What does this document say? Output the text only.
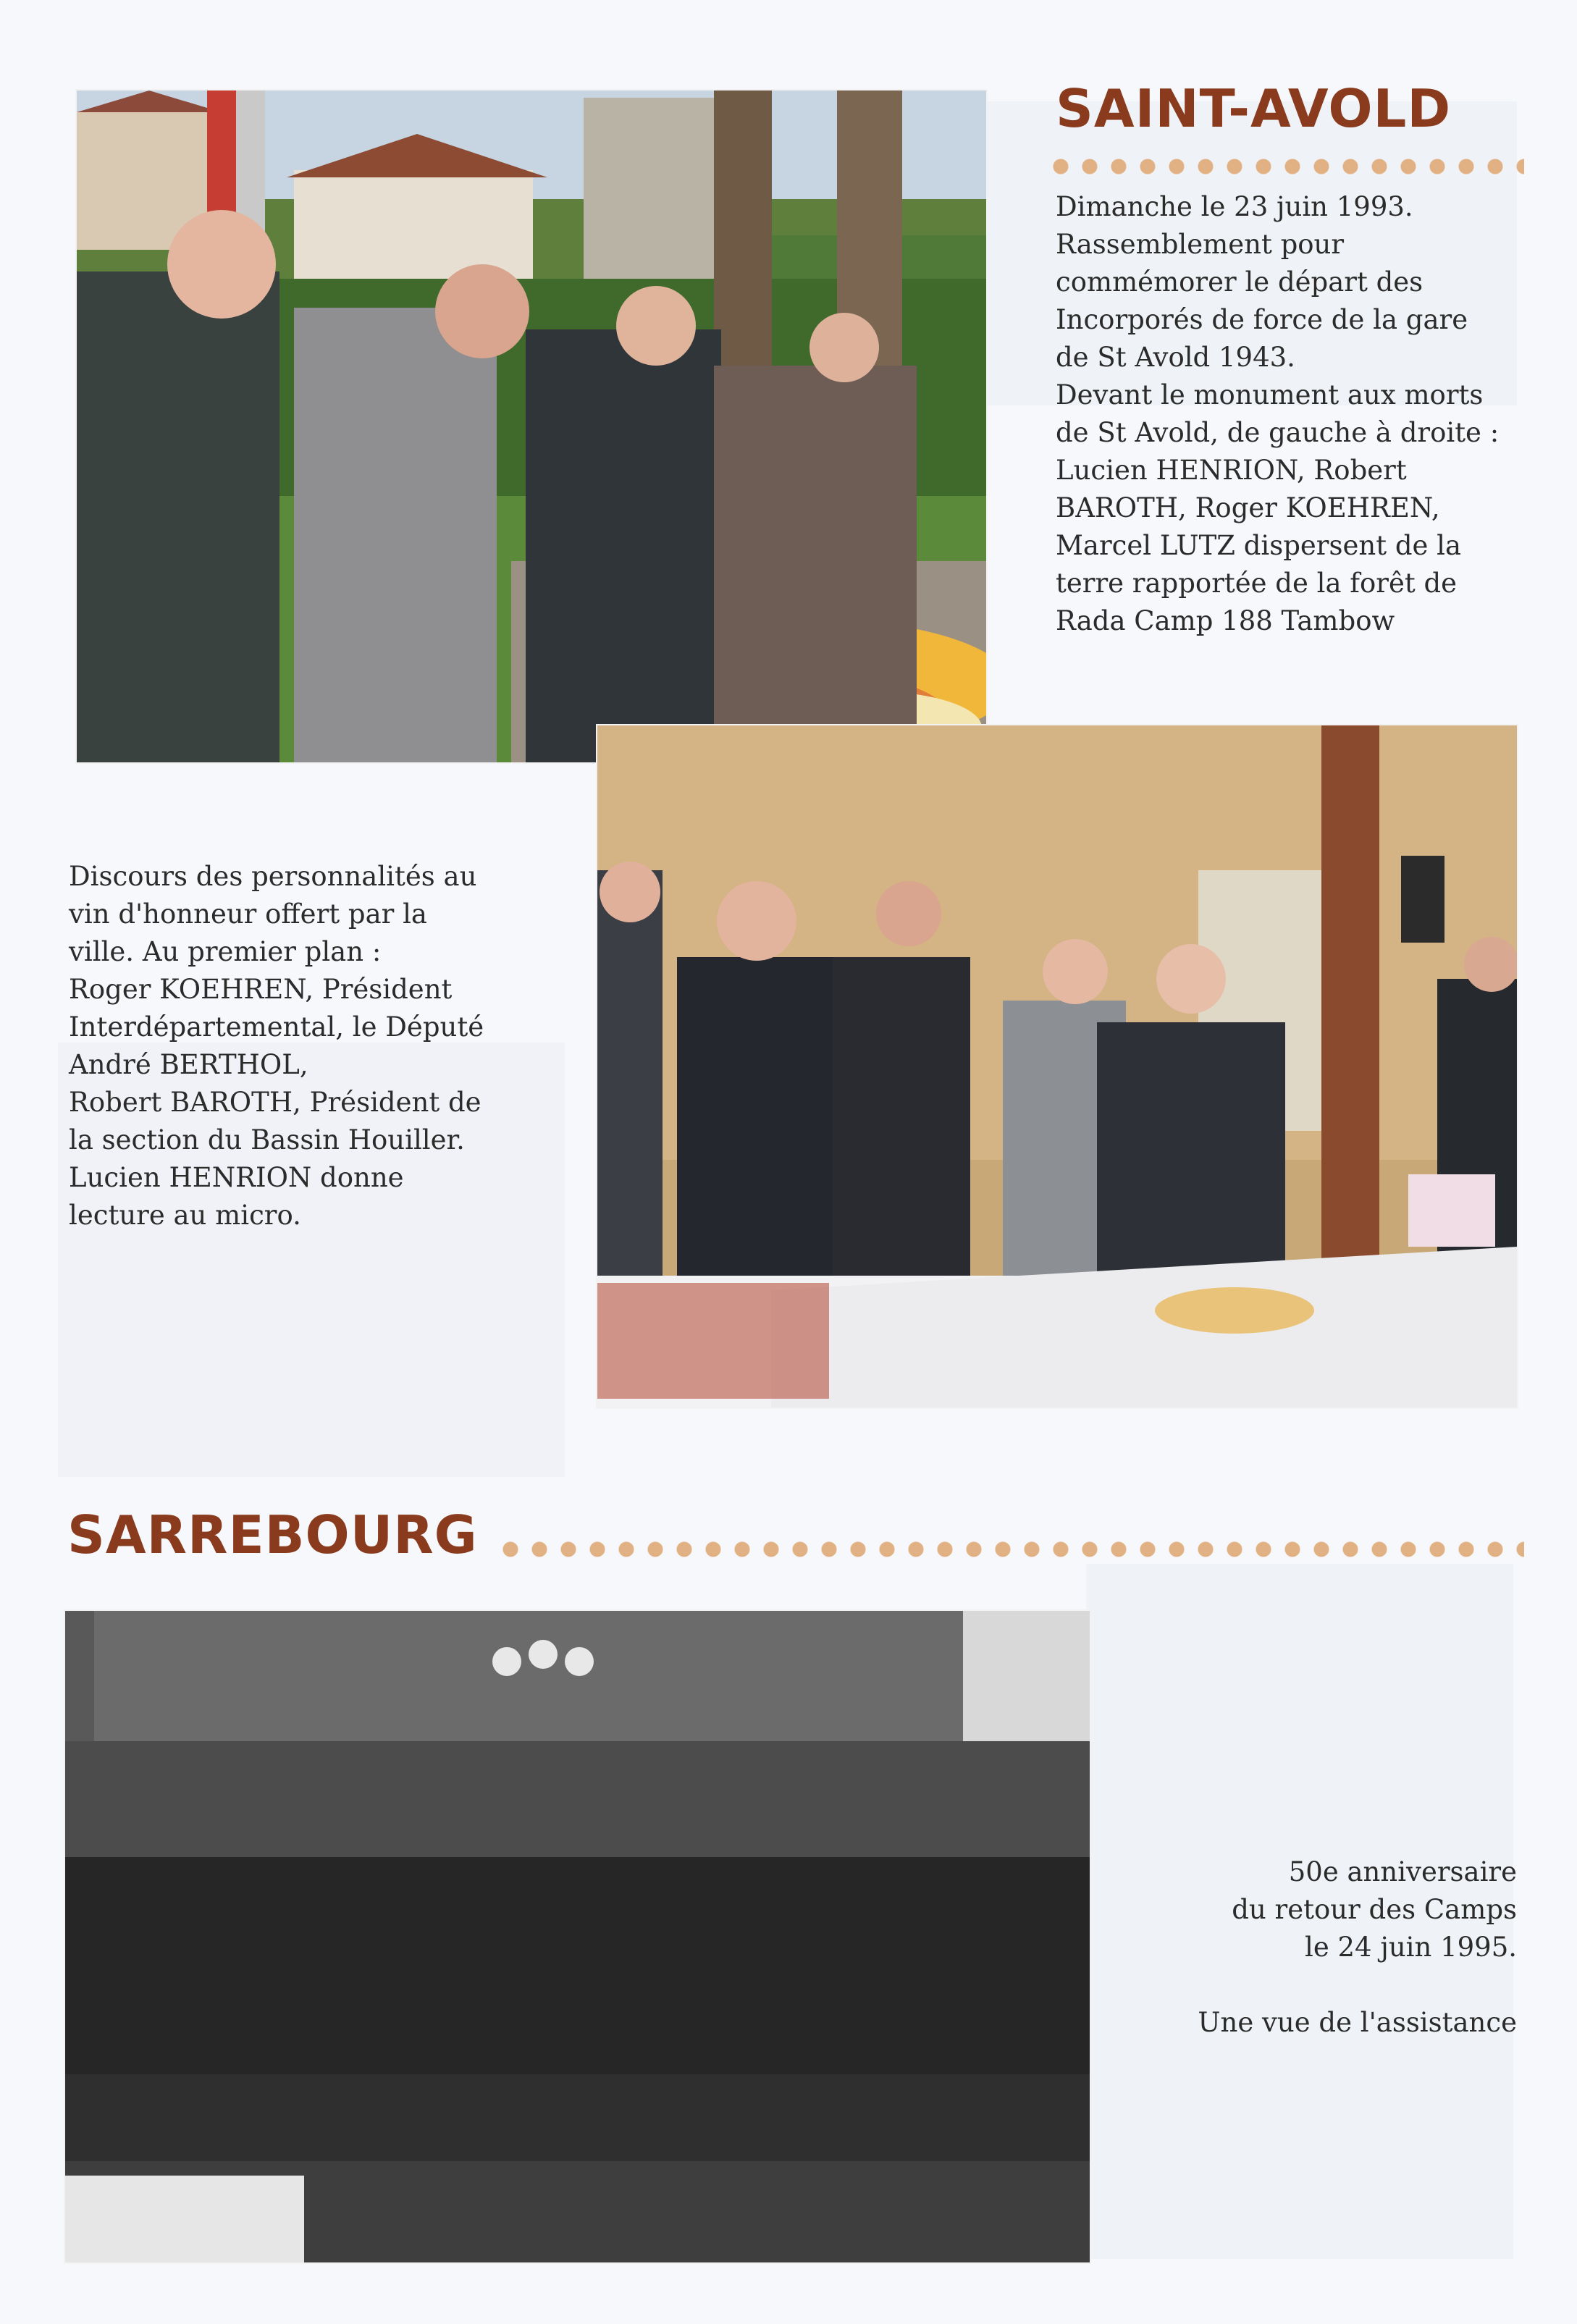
SAINT-AVOLD

Dimanche le 23 juin 1993.

Rassemblement pour

commémorer le départ des

Incorporés de force de la gare

de St Avold 1943.

Devant le monument aux morts

de St Avold, de gauche à droite :

Lucien HENRION, Robert

BAROTH, Roger KOEHREN,

Marcel LUTZ dispersent de la

terre rapportée de la forêt de

Rada Camp 188 Tambow

Discours des personnalités au

vin d'honneur offert par la

ville. Au premier plan :

Roger KOEHREN, Président

Interdépartemental, le Député

André BERTHOL,

Robert BAROTH, Président de

la section du Bassin Houiller.

Lucien HENRION donne

lecture au micro.

SARREBOURG

50e anniversaire

du retour des Camps

le 24 juin 1995.

Une vue de l'assistance
